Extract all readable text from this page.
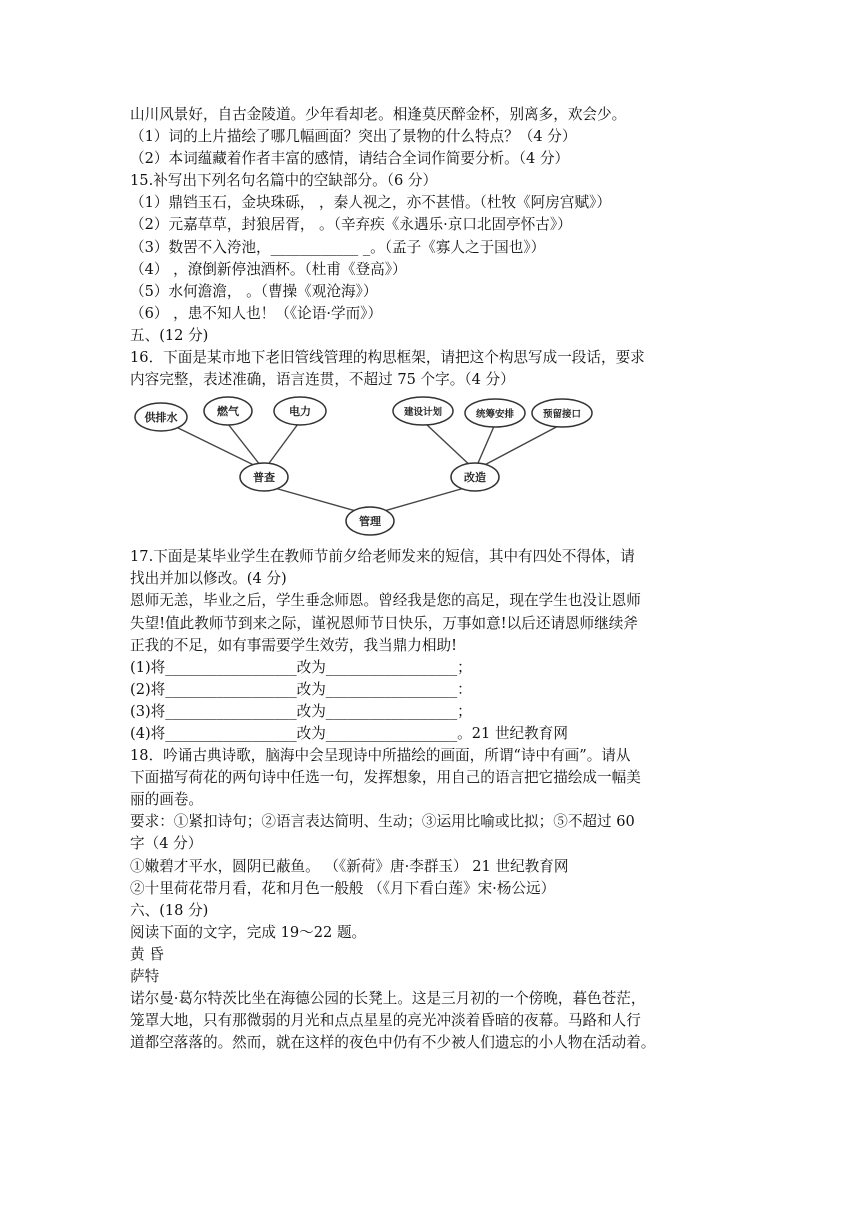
山川风景好，自古金陵道。少年看却老。相逢莫厌醉金杯，别离多，欢会少。
（1）词的上片描绘了哪几幅画面？突出了景物的什么特点？（4 分）
（2）本词蕴藏着作者丰富的感情，请结合全词作简要分析。（4 分）
15.补写出下列名句名篇中的空缺部分。（6 分）
（1）鼎铛玉石，金块珠砾， ，秦人视之，亦不甚惜。（杜牧《阿房宫赋》）
（2）元嘉草草，封狼居胥， 。（辛弃疾《永遇乐·京口北固亭怀古》）
（3）数罟不入洿池，____________ _。（孟子《寡人之于国也》）
（4） ，潦倒新停浊酒杯。（杜甫《登高》）
（5）水何澹澹， 。（曹操《观沧海》）
（6） ，患不知人也！（《论语·学而》）
五、(12 分)
16．下面是某市地下老旧管线管理的构思框架，请把这个构思写成一段话，要求
内容完整，表述准确，语言连贯，不超过 75 个字。（4 分）
供排水	燃气	电力	建设计划	统筹安排	预留接口
普查	改造
管理
17.下面是某毕业学生在教师节前夕给老师发来的短信，其中有四处不得体，请
找出并加以修改。(4 分)
恩师无恙，毕业之后，学生垂念师恩。曾经我是您的高足，现在学生也没让恩师
失望!值此教师节到来之际，谨祝恩师节日快乐，万事如意!以后还请恩师继续斧
正我的不足，如有事需要学生效劳，我当鼎力相助!
(1)将__________________改为__________________；
(2)将__________________改为__________________：
(3)将__________________改为__________________；
(4)将__________________改为__________________。21 世纪教育网
18．吟诵古典诗歌，脑海中会呈现诗中所描绘的画面，所谓“诗中有画”。请从
下面描写荷花的两句诗中任选一句，发挥想象，用自己的语言把它描绘成一幅美
丽的画卷。
要求：①紧扣诗句；②语言表达简明、生动；③运用比喻或比拟；⑤不超过 60
字（4 分）
①嫩碧才平水，圆阴已蔽鱼。 （《新荷》唐·李群玉） 21 世纪教育网
②十里荷花带月看，花和月色一般般 （《月下看白莲》宋·杨公远）
六、(18 分)
阅读下面的文字，完成 19～22 题。
黄 昏
萨特
诺尔曼·葛尔特茨比坐在海德公园的长凳上。这是三月初的一个傍晚，暮色苍茫，
笼罩大地，只有那微弱的月光和点点星星的亮光冲淡着昏暗的夜幕。马路和人行
道都空落落的。然而，就在这样的夜色中仍有不少被人们遗忘的小人物在活动着。
